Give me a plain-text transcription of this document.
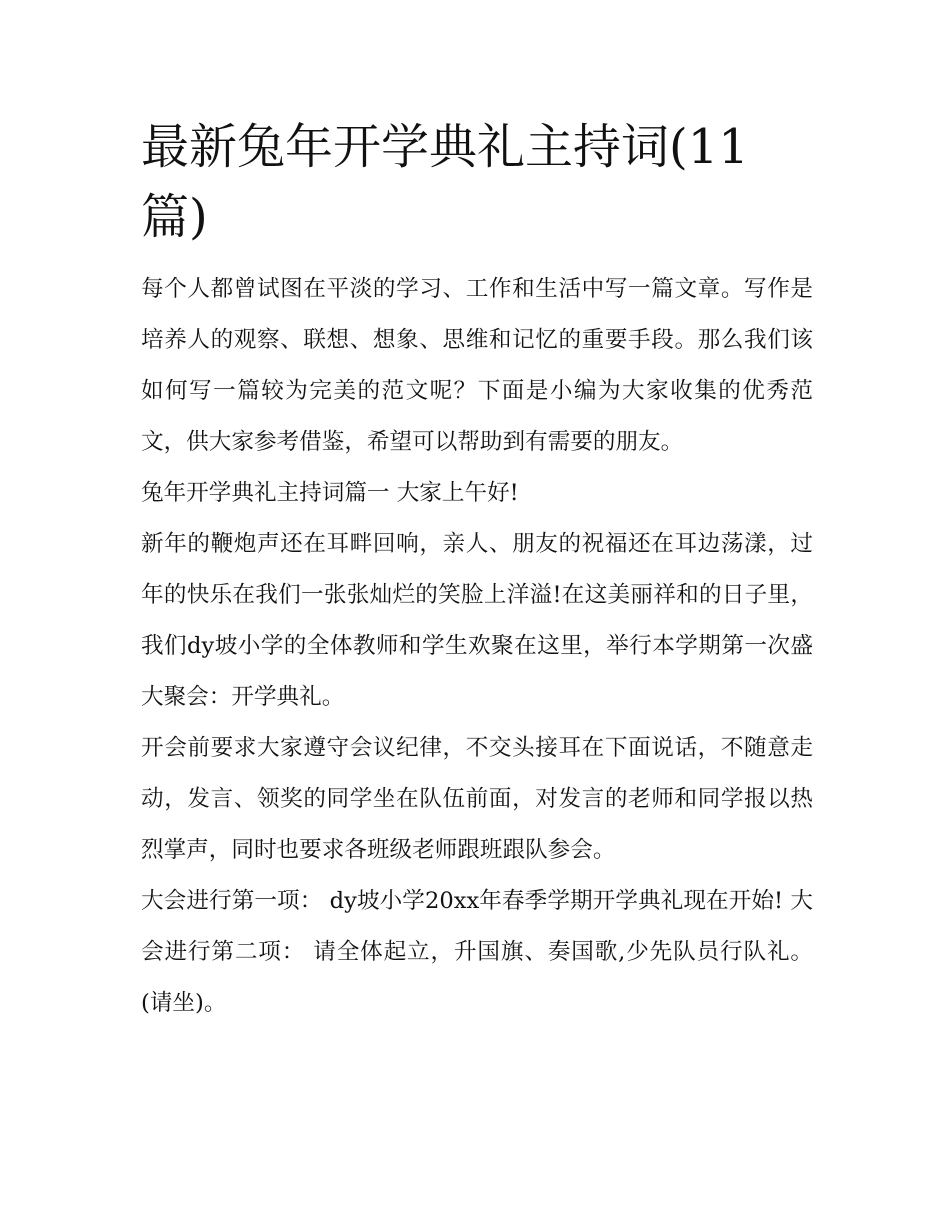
最新兔年开学典礼主持词(11篇)

每个人都曾试图在平淡的学习、工作和生活中写一篇文章。写作是培养人的观察、联想、想象、思维和记忆的重要手段。那么我们该如何写一篇较为完美的范文呢？下面是小编为大家收集的优秀范文，供大家参考借鉴，希望可以帮助到有需要的朋友。

兔年开学典礼主持词篇一 大家上午好!

新年的鞭炮声还在耳畔回响，亲人、朋友的祝福还在耳边荡漾，过年的快乐在我们一张张灿烂的笑脸上洋溢!在这美丽祥和的日子里，我们dy坡小学的全体教师和学生欢聚在这里，举行本学期第一次盛大聚会：开学典礼。

开会前要求大家遵守会议纪律，不交头接耳在下面说话，不随意走动，发言、领奖的同学坐在队伍前面，对发言的老师和同学报以热烈掌声，同时也要求各班级老师跟班跟队参会。

大会进行第一项： dy坡小学20xx年春季学期开学典礼现在开始! 大会进行第二项： 请全体起立，升国旗、奏国歌,少先队员行队礼。(请坐)。
